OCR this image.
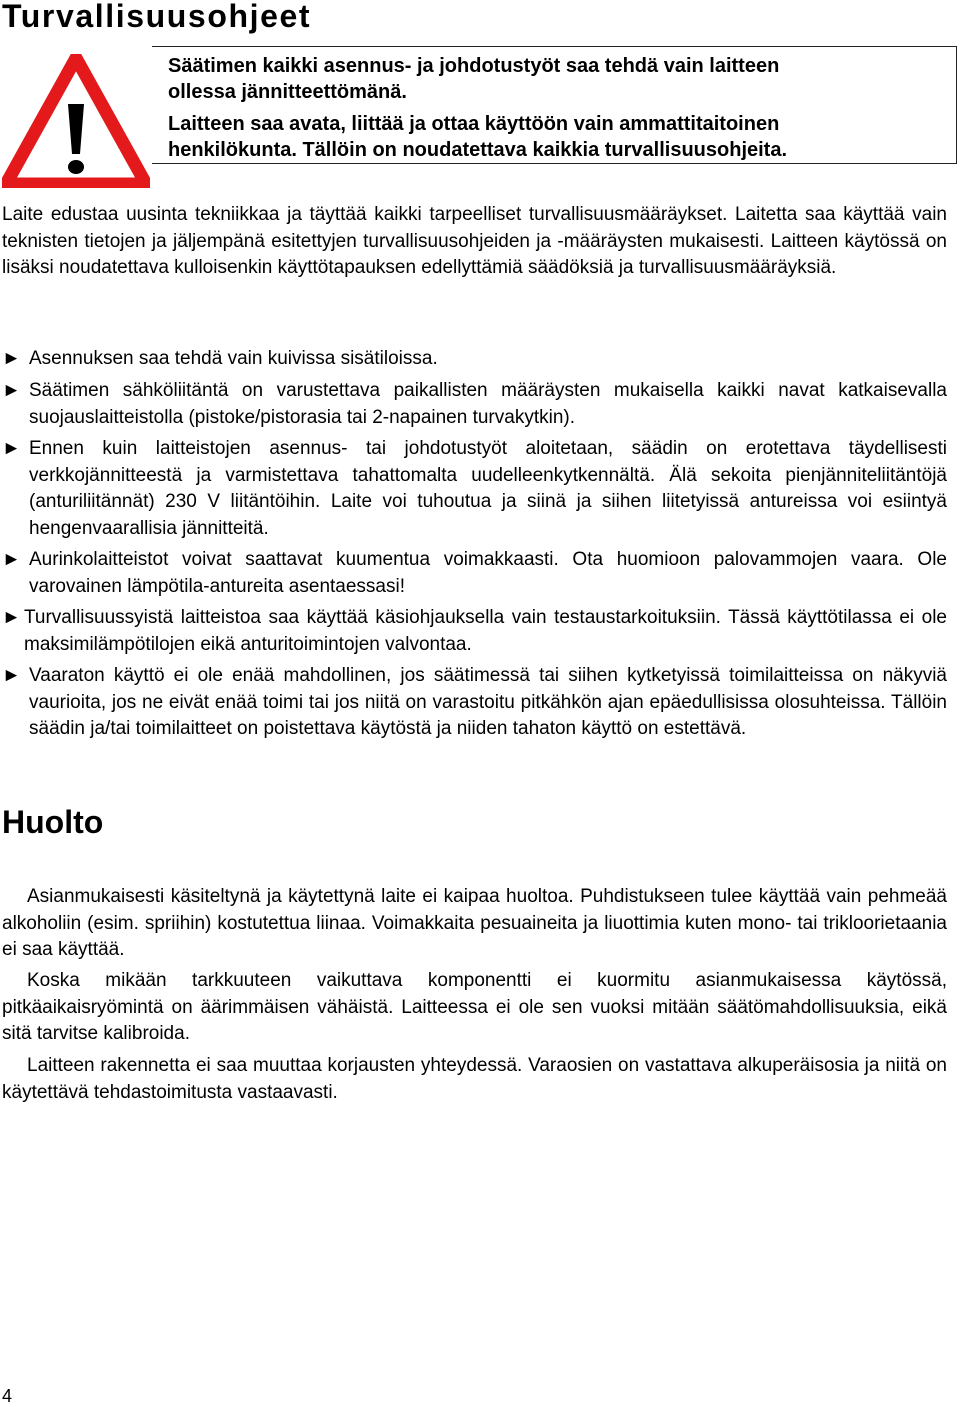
Turvallisuusohjeet
Säätimen kaikki asennus- ja johdotustyöt saa tehdä vain laitteen
ollessa jännitteettömänä.
Laitteen saa avata, liittää ja ottaa käyttöön vain ammattitaitoinen
henkilökunta. Tällöin on noudatettava kaikkia turvallisuusohjeita.

Laite edustaa uusinta tekniikkaa ja täyttää kaikki tarpeelliset turvallisuusmääräykset. Laitetta saa käyttää vain teknisten tietojen ja jäljempänä esitettyjen turvallisuusohjeiden ja -määräysten mukaisesti. Laitteen käytössä on lisäksi noudatettava kulloisenkin käyttötapauksen edellyttämiä säädöksiä ja turvallisuusmääräyksiä.

► Asennuksen saa tehdä vain kuivissa sisätiloissa.
► Säätimen sähköliitäntä on varustettava paikallisten määräysten mukaisella kaikki navat katkaisevalla suojauslaitteistolla (pistoke/pistorasia tai 2-napainen turvakytkin).
► Ennen kuin laitteistojen asennus- tai johdotustyöt aloitetaan, säädin on erotettava täydellisesti verkkojännitteestä ja varmistettava tahattomalta uudelleenkytkennältä. Älä sekoita pienjänniteliitäntöjä (anturiliitännät) 230 V liitäntöihin. Laite voi tuhoutua ja siinä ja siihen liitetyissä antureissa voi esiintyä hengenvaarallisia jännitteitä.
► Aurinkolaitteistot voivat saattavat kuumentua voimakkaasti. Ota huomioon palovammojen vaara. Ole varovainen lämpötila-antureita asentaessasi!
► Turvallisuussyistä laitteistoa saa käyttää käsiohjauksella vain testaustarkoituksiin. Tässä käyttötilassa ei ole maksimilämpötilojen eikä anturitoimintojen valvontaa.
► Vaaraton käyttö ei ole enää mahdollinen, jos säätimessä tai siihen kytketyissä toimilaitteissa on näkyviä vaurioita, jos ne eivät enää toimi tai jos niitä on varastoitu pitkähkön ajan epäedullisissa olosuhteissa. Tällöin säädin ja/tai toimilaitteet on poistettava käytöstä ja niiden tahaton käyttö on estettävä.
Huolto

Asianmukaisesti käsiteltynä ja käytettynä laite ei kaipaa huoltoa. Puhdistukseen tulee käyttää vain pehmeää alkoholiin (esim. spriihin) kostutettua liinaa. Voimakkaita pesuaineita ja liuottimia kuten mono- tai trikloorietaania ei saa käyttää.

Koska mikään tarkkuuteen vaikuttava komponentti ei kuormitu asianmukaisessa käytössä, pitkäaikaisryömintä on äärimmäisen vähäistä. Laitteessa ei ole sen vuoksi mitään säätömahdollisuuksia, eikä sitä tarvitse kalibroida.

Laitteen rakennetta ei saa muuttaa korjausten yhteydessä. Varaosien on vastattava alkuperäisosia ja niitä on käytettävä tehdastoimitusta vastaavasti.

4
